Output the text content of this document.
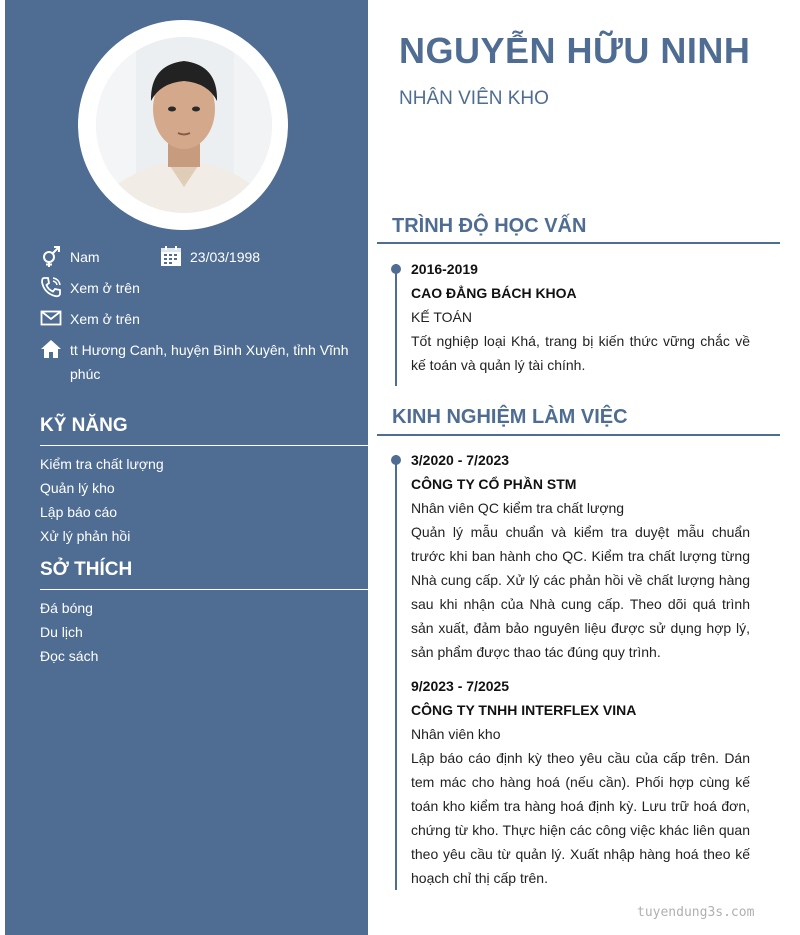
Nam	23/03/1998
Xem ở trên
Xem ở trên
tt Hương Canh, huyện Bình Xuyên, tỉnh Vĩnh
phúc
KỸ NĂNG
Kiểm tra chất lượng
Quản lý kho
Lập báo cáo
Xử lý phản hồi
SỞ THÍCH
Đá bóng
Du lịch
Đọc sách
NGUYỄN HỮU NINH
NHÂN VIÊN KHO
TRÌNH ĐỘ HỌC VẤN
2016-2019
CAO ĐẲNG BÁCH KHOA
KẾ TOÁN
Tốt nghiệp loại Khá, trang bị kiến thức vững chắc về kế toán và quản lý tài chính.
KINH NGHIỆM LÀM VIỆC
3/2020 - 7/2023
CÔNG TY CỔ PHẦN STM
Nhân viên QC kiểm tra chất lượng
Quản lý mẫu chuẩn và kiểm tra duyệt mẫu chuẩn trước khi ban hành cho QC. Kiểm tra chất lượng từng Nhà cung cấp. Xử lý các phản hồi về chất lượng hàng sau khi nhận của Nhà cung cấp. Theo dõi quá trình sản xuất, đảm bảo nguyên liệu được sử dụng hợp lý, sản phẩm được thao tác đúng quy trình.
9/2023 - 7/2025
CÔNG TY TNHH INTERFLEX VINA
Nhân viên kho
Lập báo cáo định kỳ theo yêu cầu của cấp trên. Dán tem mác cho hàng hoá (nếu cần). Phối hợp cùng kế toán kho kiểm tra hàng hoá định kỳ. Lưu trữ hoá đơn, chứng từ kho. Thực hiện các công việc khác liên quan theo yêu cầu từ quản lý. Xuất nhập hàng hoá theo kế hoạch chỉ thị cấp trên.
tuyendung3s.com
